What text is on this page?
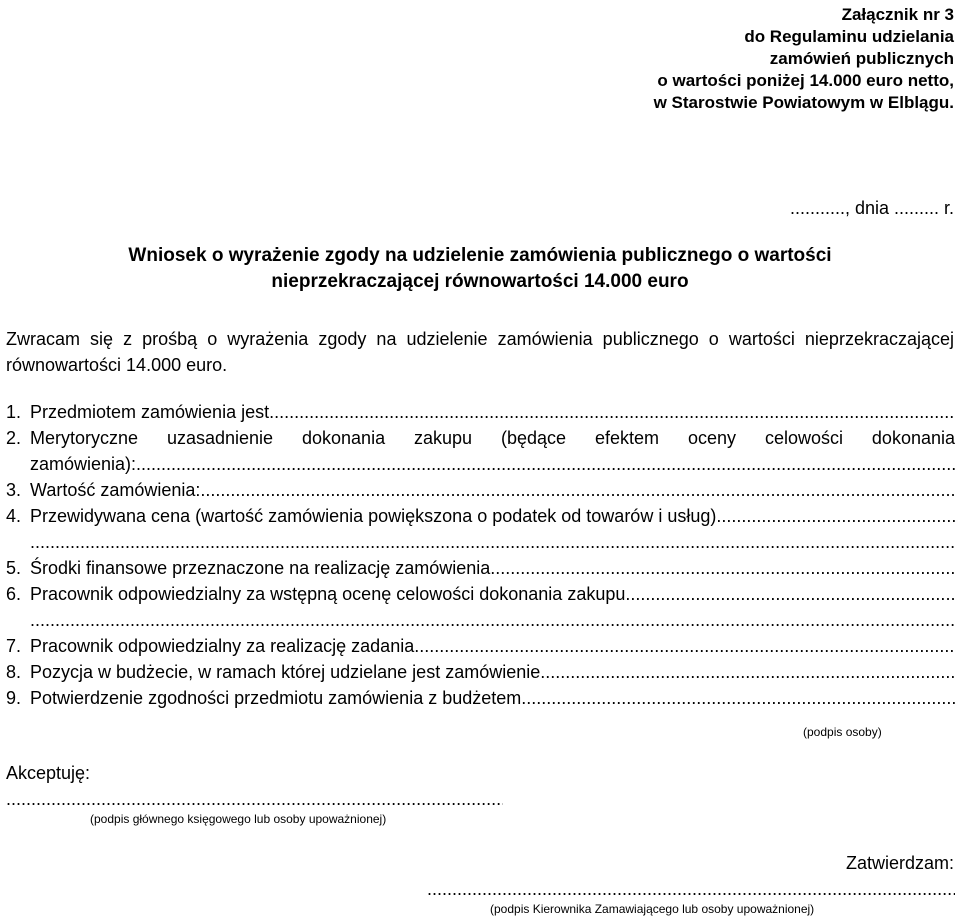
Załącznik nr 3
do Regulaminu udzielania
zamówień publicznych
o wartości poniżej 14.000 euro netto,
w Starostwie Powiatowym w Elblągu.
..........., dnia ......... r.
Wniosek o wyrażenie zgody na udzielenie zamówienia publicznego o wartości
nieprzekraczającej równowartości 14.000 euro
Zwracam się z prośbą o wyrażenia zgody na udzielenie zamówienia publicznego o wartości nieprzekraczającej równowartości 14.000 euro.
1. Przedmiotem zamówienia jest
.....
2. Merytoryczne uzasadnienie dokonania zakupu (będące efektem oceny celowości dokonania
zamówienia):
.....
3. Wartość zamówienia:
.....
4. Przewidywana cena (wartość zamówienia powiększona o podatek od towarów i usług)
.....
.....
5. Środki finansowe przeznaczone na realizację zamówienia
.....
6. Pracownik odpowiedzialny za wstępną ocenę celowości dokonania zakupu
.....
.....
7. Pracownik odpowiedzialny za realizację zadania
.....
8. Pozycja w budżecie, w ramach której udzielane jest zamówienie
.....
9. Potwierdzenie zgodności przedmiotu zamówienia z budżetem
.....
(podpis osoby)
Akceptuję:
.....
(podpis głównego księgowego lub osoby upoważnionej)
Zatwierdzam:
.....
(podpis Kierownika Zamawiającego lub osoby upoważnionej)
